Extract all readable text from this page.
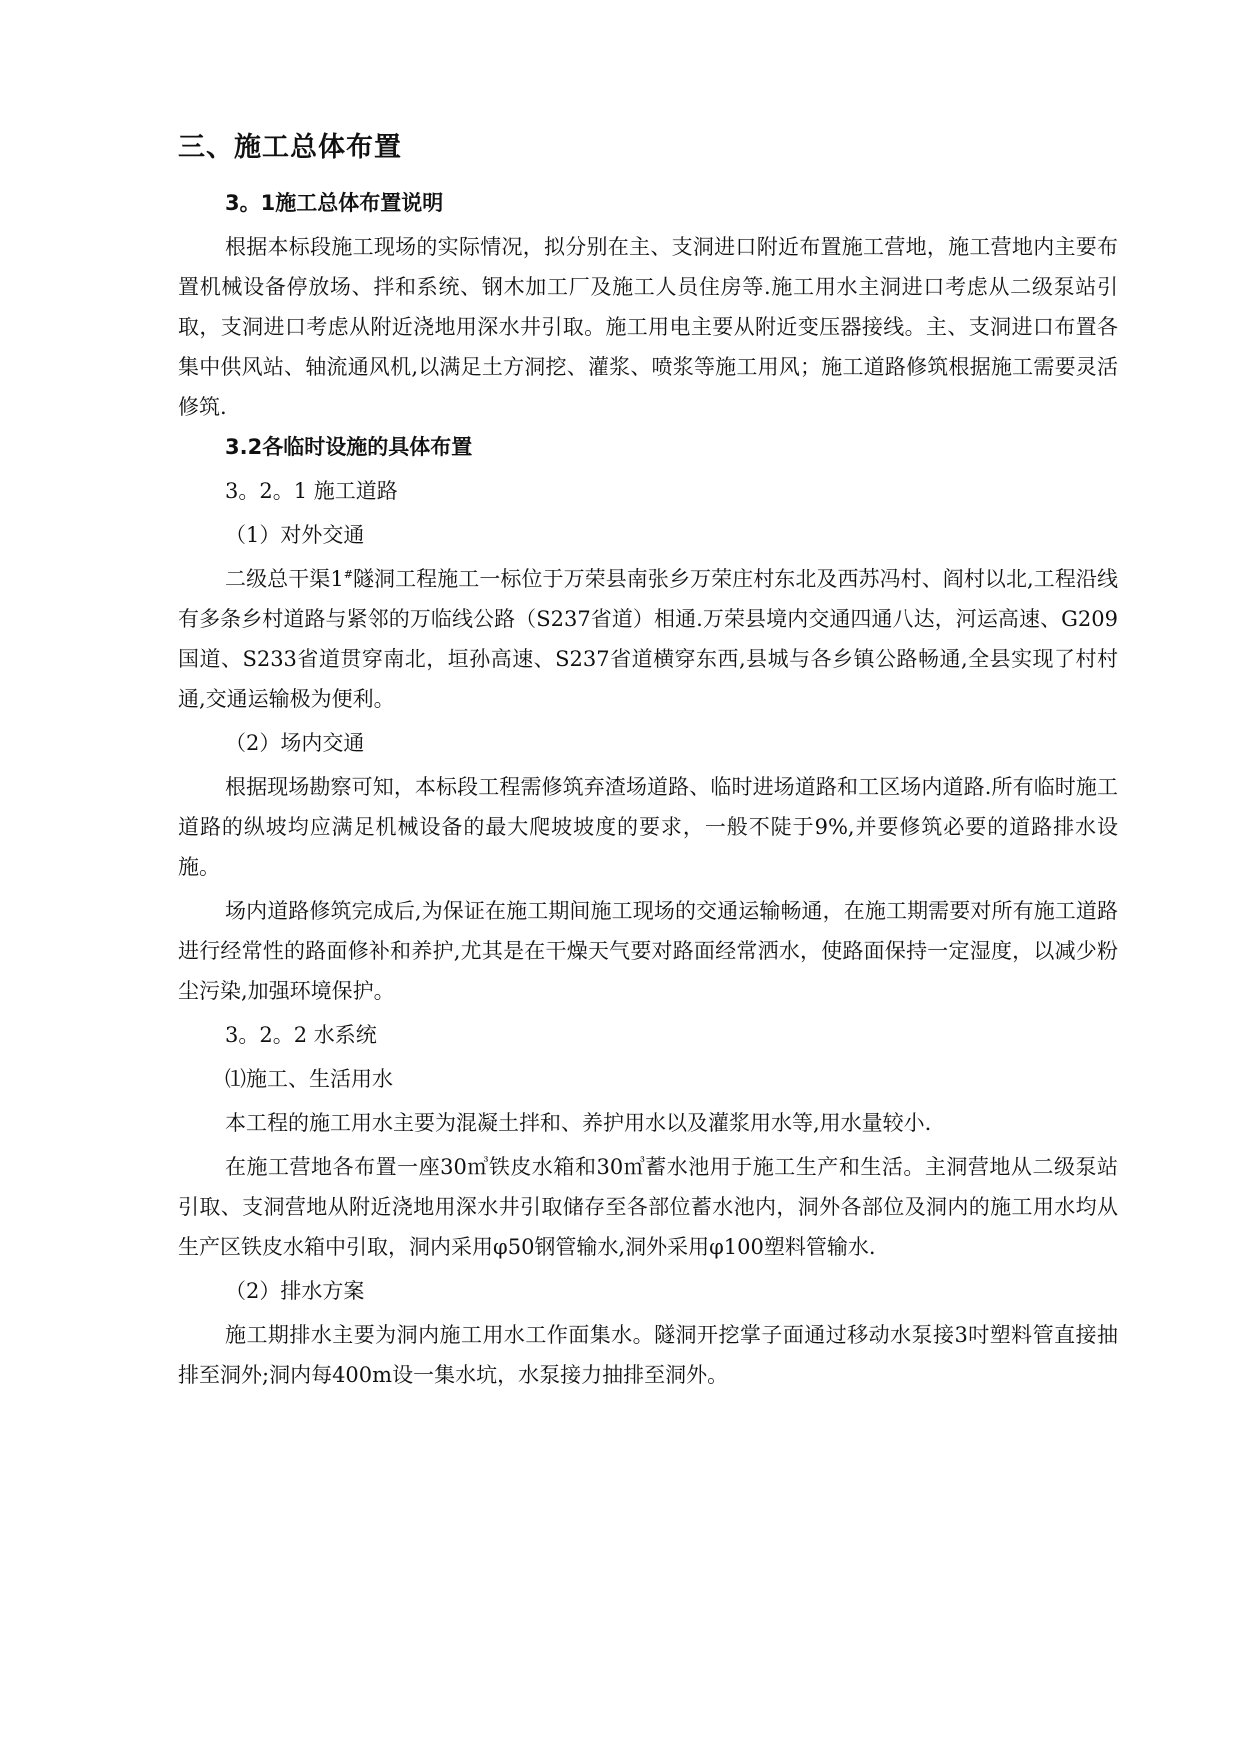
三、施工总体布置
3。1施工总体布置说明
根据本标段施工现场的实际情况，拟分别在主、支洞进口附近布置施工营地，施工营地内主要布置机械设备停放场、拌和系统、钢木加工厂及施工人员住房等.施工用水主洞进口考虑从二级泵站引取，支洞进口考虑从附近浇地用深水井引取。施工用电主要从附近变压器接线。主、支洞进口布置各集中供风站、轴流通风机,以满足土方洞挖、灌浆、喷浆等施工用风；施工道路修筑根据施工需要灵活修筑.
3.2各临时设施的具体布置
3。2。1 施工道路
（1）对外交通
二级总干渠1#隧洞工程施工一标位于万荣县南张乡万荣庄村东北及西苏冯村、阎村以北,工程沿线有多条乡村道路与紧邻的万临线公路（S237省道）相通.万荣县境内交通四通八达，河运高速、G209国道、S233省道贯穿南北，垣孙高速、S237省道横穿东西,县城与各乡镇公路畅通,全县实现了村村通,交通运输极为便利。
（2）场内交通
根据现场勘察可知，本标段工程需修筑弃渣场道路、临时进场道路和工区场内道路.所有临时施工道路的纵坡均应满足机械设备的最大爬坡坡度的要求，一般不陡于9%,并要修筑必要的道路排水设施。
场内道路修筑完成后,为保证在施工期间施工现场的交通运输畅通，在施工期需要对所有施工道路进行经常性的路面修补和养护,尤其是在干燥天气要对路面经常洒水，使路面保持一定湿度，以减少粉尘污染,加强环境保护。
3。2。2 水系统
⑴施工、生活用水
本工程的施工用水主要为混凝土拌和、养护用水以及灌浆用水等,用水量较小.
在施工营地各布置一座30㎥铁皮水箱和30㎥蓄水池用于施工生产和生活。主洞营地从二级泵站引取、支洞营地从附近浇地用深水井引取储存至各部位蓄水池内，洞外各部位及洞内的施工用水均从生产区铁皮水箱中引取，洞内采用φ50钢管输水,洞外采用φ100塑料管输水.
（2）排水方案
施工期排水主要为洞内施工用水工作面集水。隧洞开挖掌子面通过移动水泵接3吋塑料管直接抽排至洞外;洞内每400m设一集水坑，水泵接力抽排至洞外。
